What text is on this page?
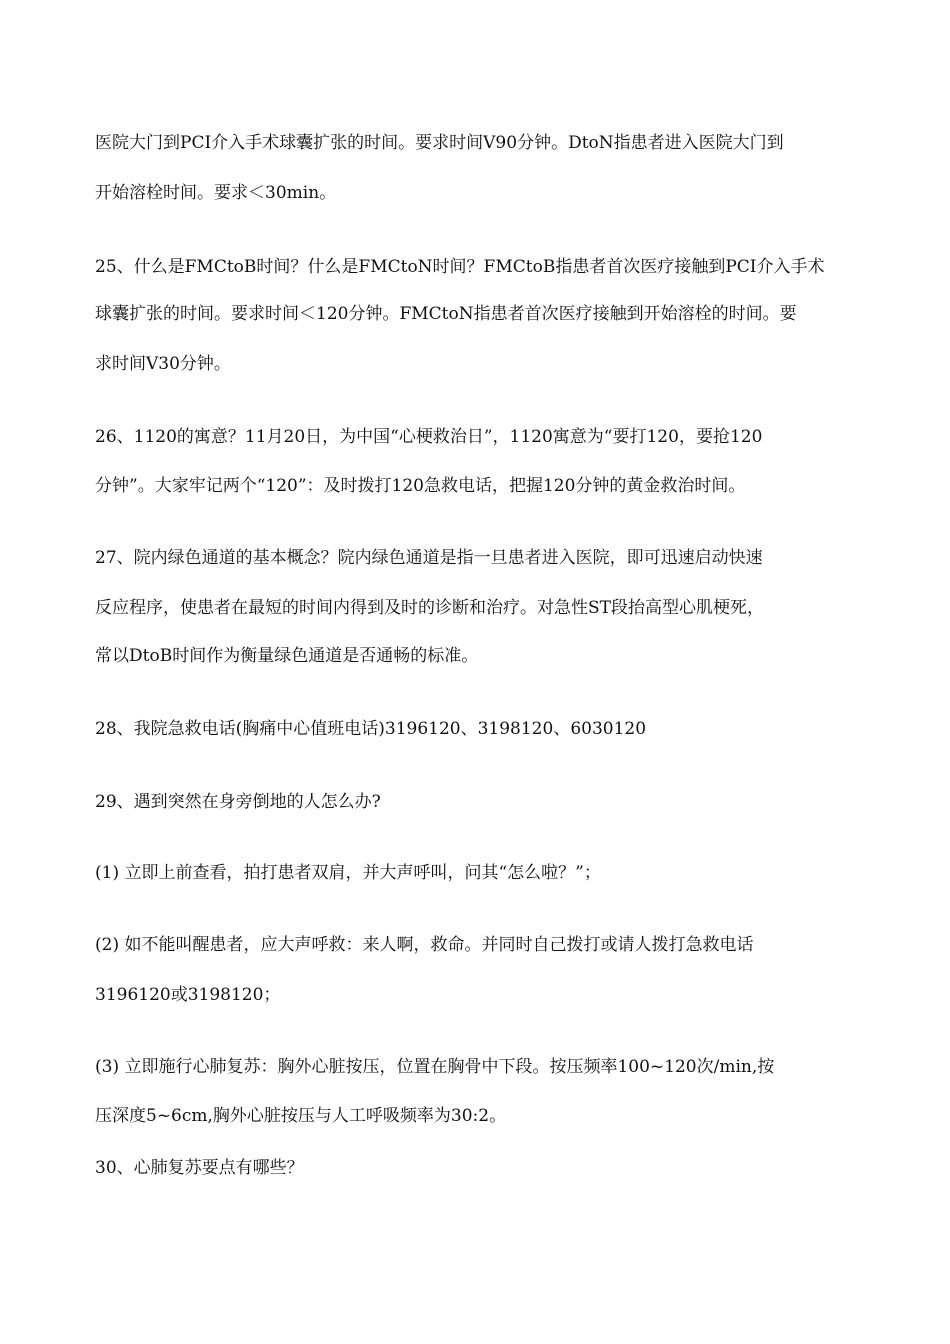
医院大门到PCI介入手术球囊扩张的时间。要求时间V90分钟。DtoN指患者进入医院大门到
开始溶栓时间。要求＜30min。
25、什么是FMCtoB时间？什么是FMCtoN时间？FMCtoB指患者首次医疗接触到PCI介入手术
球囊扩张的时间。要求时间＜120分钟。FMCtoN指患者首次医疗接触到开始溶栓的时间。要
求时间V30分钟。
26、1120的寓意？11月20日，为中国“心梗救治日”，1120寓意为“要打120，要抢120
分钟”。大家牢记两个“120”：及时拨打120急救电话，把握120分钟的黄金救治时间。
27、院内绿色通道的基本概念？院内绿色通道是指一旦患者进入医院，即可迅速启动快速
反应程序，使患者在最短的时间内得到及时的诊断和治疗。对急性ST段抬高型心肌梗死，
常以DtoB时间作为衡量绿色通道是否通畅的标准。
28、我院急救电话(胸痛中心值班电话)3196120、3198120、6030120
29、遇到突然在身旁倒地的人怎么办?
(1) 立即上前查看，拍打患者双肩，并大声呼叫，问其“怎么啦？”；
(2) 如不能叫醒患者，应大声呼救：来人啊，救命。并同时自己拨打或请人拨打急救电话
3196120或3198120；
(3) 立即施行心肺复苏：胸外心脏按压，位置在胸骨中下段。按压频率100~120次/min,按
压深度5~6cm,胸外心脏按压与人工呼吸频率为30:2。
30、心肺复苏要点有哪些？
